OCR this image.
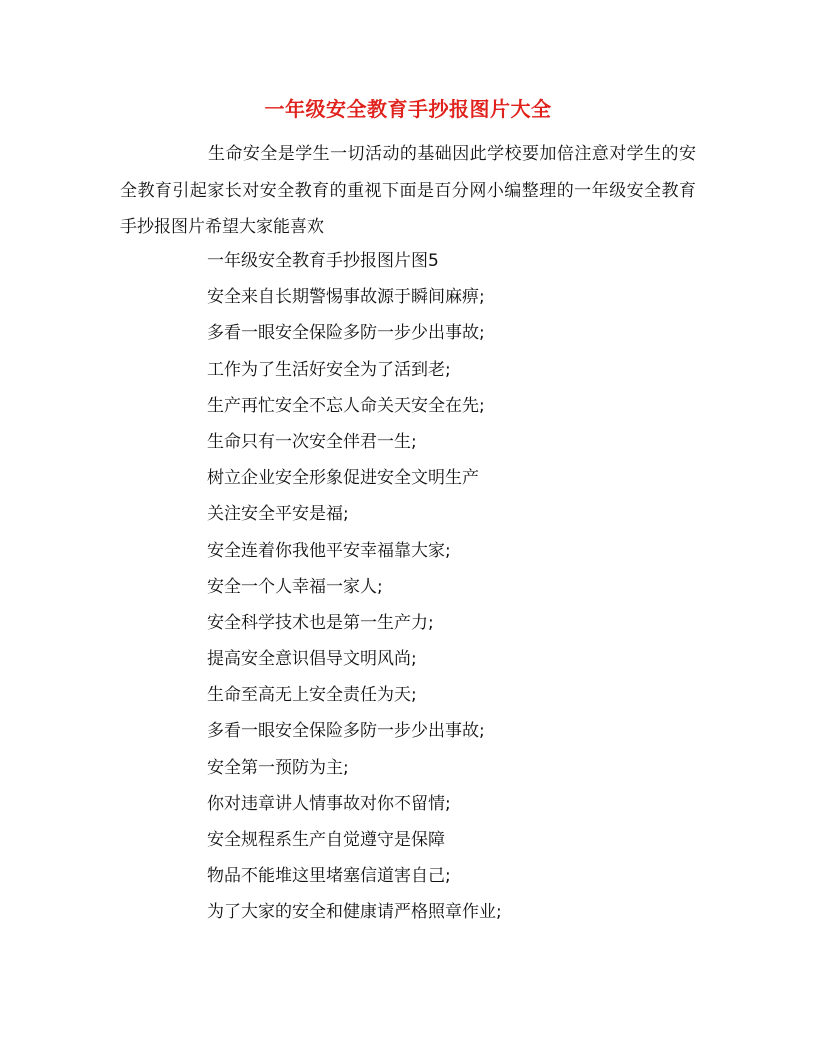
一年级安全教育手抄报图片大全
生命安全是学生一切活动的基础因此学校要加倍注意对学生的安全教育引起家长对安全教育的重视下面是百分网小编整理的一年级安全教育手抄报图片希望大家能喜欢
一年级安全教育手抄报图片图5
安全来自长期警惕事故源于瞬间麻痹;
多看一眼安全保险多防一步少出事故;
工作为了生活好安全为了活到老;
生产再忙安全不忘人命关天安全在先;
生命只有一次安全伴君一生;
树立企业安全形象促进安全文明生产
关注安全平安是福;
安全连着你我他平安幸福靠大家;
安全一个人幸福一家人;
安全科学技术也是第一生产力;
提高安全意识倡导文明风尚;
生命至高无上安全责任为天;
多看一眼安全保险多防一步少出事故;
安全第一预防为主;
你对违章讲人情事故对你不留情;
安全规程系生产自觉遵守是保障
物品不能堆这里堵塞信道害自己;
为了大家的安全和健康请严格照章作业;
